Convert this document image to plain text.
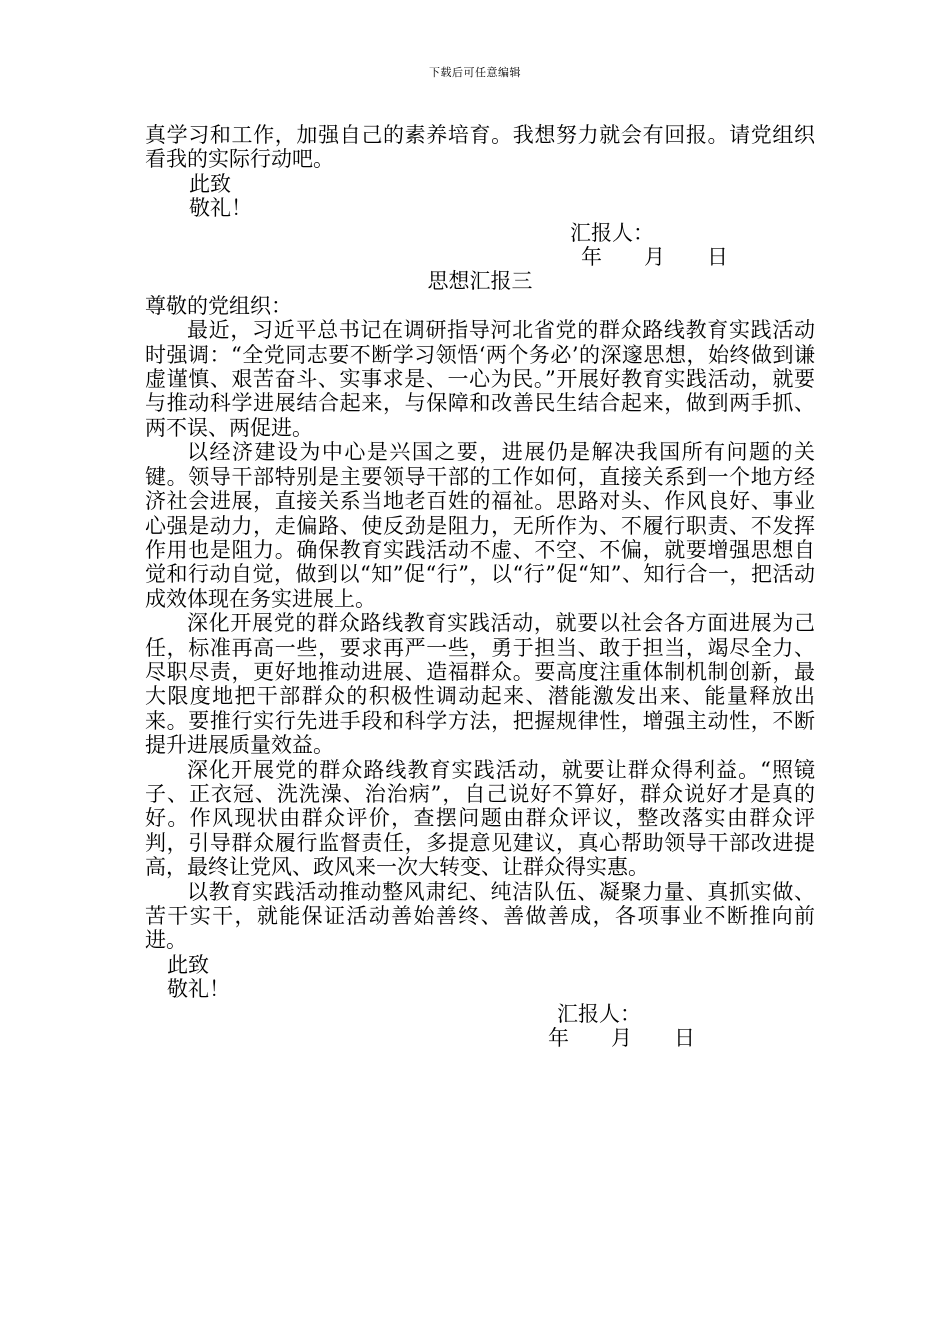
下载后可任意编辑

真学习和工作，加强自己的素养培育。我想努力就会有回报。请党组织看我的实际行动吧。

此致

敬礼！

汇报人：

年　　月　　日

思想汇报三

尊敬的党组织：

最近，习近平总书记在调研指导河北省党的群众路线教育实践活动时强调：“全党同志要不断学习领悟‘两个务必’的深邃思想，始终做到谦虚谨慎、艰苦奋斗、实事求是、一心为民。”开展好教育实践活动，就要与推动科学进展结合起来，与保障和改善民生结合起来，做到两手抓、两不误、两促进。

以经济建设为中心是兴国之要，进展仍是解决我国所有问题的关键。领导干部特别是主要领导干部的工作如何，直接关系到一个地方经济社会进展，直接关系当地老百姓的福祉。思路对头、作风良好、事业心强是动力，走偏路、使反劲是阻力，无所作为、不履行职责、不发挥作用也是阻力。确保教育实践活动不虚、不空、不偏，就要增强思想自觉和行动自觉，做到以“知”促“行”，以“行”促“知”、知行合一，把活动成效体现在务实进展上。

深化开展党的群众路线教育实践活动，就要以社会各方面进展为己任，标准再高一些，要求再严一些，勇于担当、敢于担当，竭尽全力、尽职尽责，更好地推动进展、造福群众。要高度注重体制机制创新，最大限度地把干部群众的积极性调动起来、潜能激发出来、能量释放出来。要推行实行先进手段和科学方法，把握规律性，增强主动性，不断提升进展质量效益。

深化开展党的群众路线教育实践活动，就要让群众得利益。“照镜子、正衣冠、洗洗澡、治治病”，自己说好不算好，群众说好才是真的好。作风现状由群众评价，查摆问题由群众评议，整改落实由群众评判，引导群众履行监督责任，多提意见建议，真心帮助领导干部改进提高，最终让党风、政风来一次大转变、让群众得实惠。

以教育实践活动推动整风肃纪、纯洁队伍、凝聚力量、真抓实做、苦干实干，就能保证活动善始善终、善做善成，各项事业不断推向前进。

此致

敬礼！

汇报人：

年　　月　　日
